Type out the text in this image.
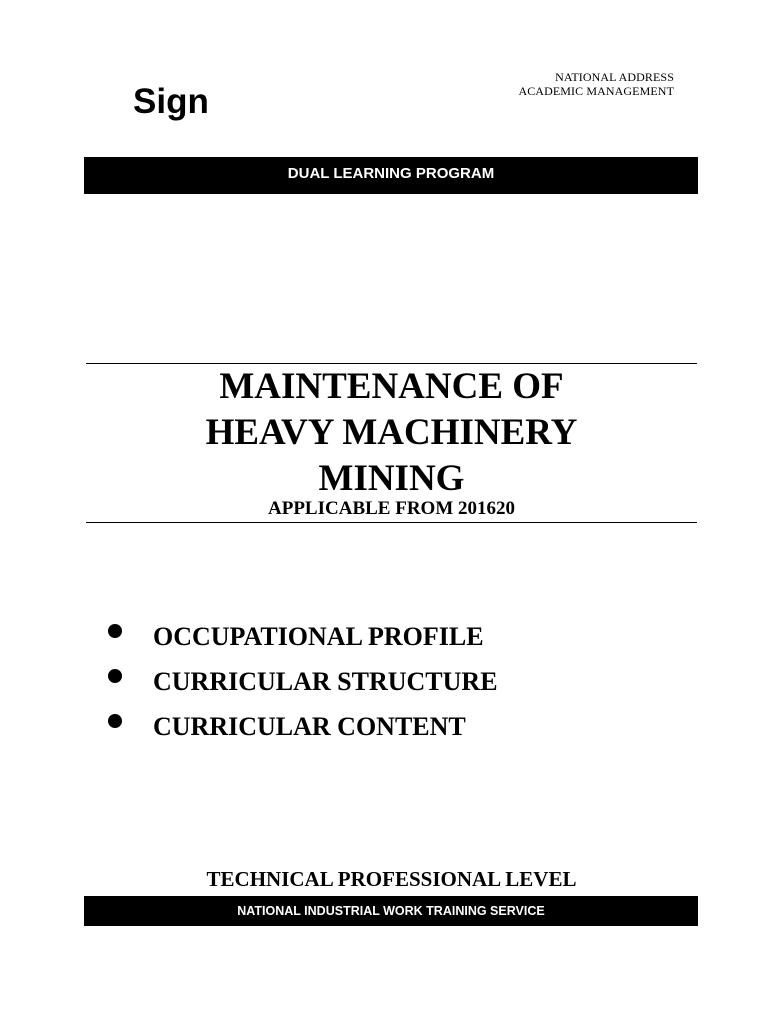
Sign
NATIONAL ADDRESS
ACADEMIC MANAGEMENT
DUAL LEARNING PROGRAM
MAINTENANCE OF
HEAVY MACHINERY
MINING
APPLICABLE FROM 201620
OCCUPATIONAL PROFILE
CURRICULAR STRUCTURE
CURRICULAR CONTENT
TECHNICAL PROFESSIONAL LEVEL
NATIONAL INDUSTRIAL WORK TRAINING SERVICE
